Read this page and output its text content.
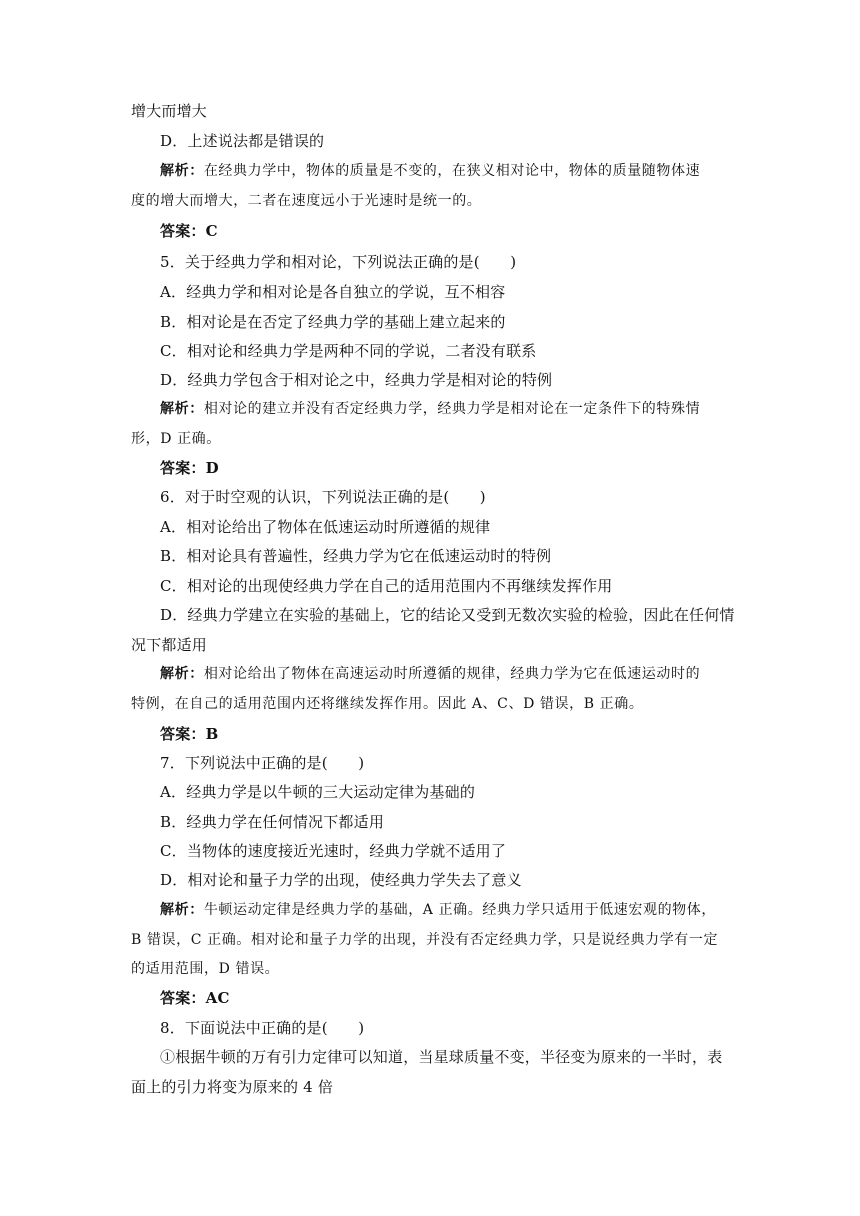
增大而增大
D．上述说法都是错误的
解析：在经典力学中，物体的质量是不变的，在狭义相对论中，物体的质量随物体速
度的增大而增大，二者在速度远小于光速时是统一的。
答案：C
5．关于经典力学和相对论，下列说法正确的是(　　)
A．经典力学和相对论是各自独立的学说，互不相容
B．相对论是在否定了经典力学的基础上建立起来的
C．相对论和经典力学是两种不同的学说，二者没有联系
D．经典力学包含于相对论之中，经典力学是相对论的特例
解析：相对论的建立并没有否定经典力学，经典力学是相对论在一定条件下的特殊情
形，D 正确。
答案：D
6．对于时空观的认识，下列说法正确的是(　　)
A．相对论给出了物体在低速运动时所遵循的规律
B．相对论具有普遍性，经典力学为它在低速运动时的特例
C．相对论的出现使经典力学在自己的适用范围内不再继续发挥作用
D．经典力学建立在实验的基础上，它的结论又受到无数次实验的检验，因此在任何情
况下都适用
解析：相对论给出了物体在高速运动时所遵循的规律，经典力学为它在低速运动时的
特例，在自己的适用范围内还将继续发挥作用。因此 A、C、D 错误，B 正确。
答案：B
7．下列说法中正确的是(　　)
A．经典力学是以牛顿的三大运动定律为基础的
B．经典力学在任何情况下都适用
C．当物体的速度接近光速时，经典力学就不适用了
D．相对论和量子力学的出现，使经典力学失去了意义
解析：牛顿运动定律是经典力学的基础，A 正确。经典力学只适用于低速宏观的物体，
B 错误，C 正确。相对论和量子力学的出现，并没有否定经典力学，只是说经典力学有一定
的适用范围，D 错误。
答案：AC
8．下面说法中正确的是(　　)
①根据牛顿的万有引力定律可以知道，当星球质量不变，半径变为原来的一半时，表
面上的引力将变为原来的 4 倍
